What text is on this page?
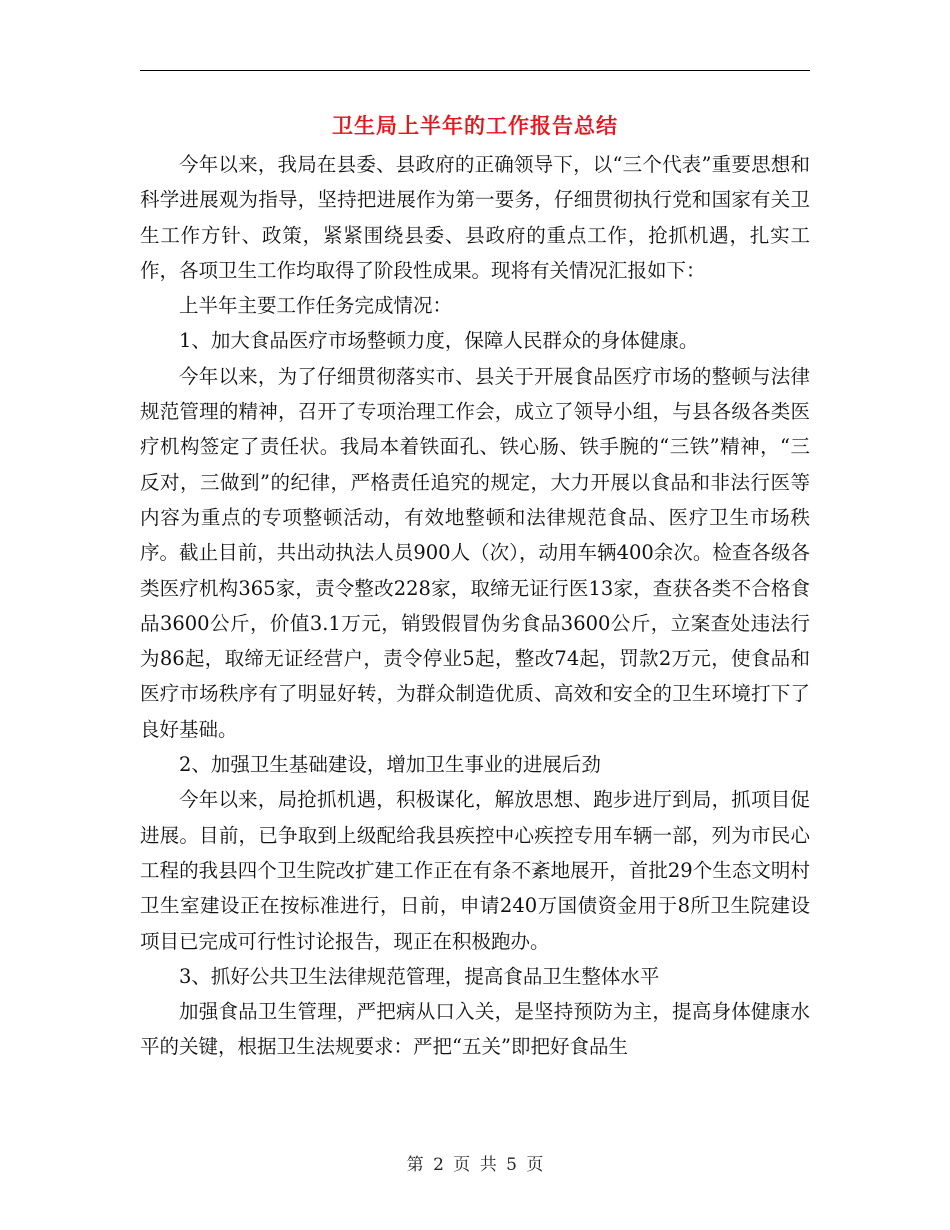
卫生局上半年的工作报告总结

今年以来，我局在县委、县政府的正确领导下，以“三个代表”重要思想和科学进展观为指导，坚持把进展作为第一要务，仔细贯彻执行党和国家有关卫生工作方针、政策，紧紧围绕县委、县政府的重点工作，抢抓机遇，扎实工作，各项卫生工作均取得了阶段性成果。现将有关情况汇报如下：

上半年主要工作任务完成情况：

1、加大食品医疗市场整顿力度，保障人民群众的身体健康。

今年以来，为了仔细贯彻落实市、县关于开展食品医疗市场的整顿与法律规范管理的精神，召开了专项治理工作会，成立了领导小组，与县各级各类医疗机构签定了责任状。我局本着铁面孔、铁心肠、铁手腕的“三铁”精神，“三反对，三做到”的纪律，严格责任追究的规定，大力开展以食品和非法行医等内容为重点的专项整顿活动，有效地整顿和法律规范食品、医疗卫生市场秩序。截止目前，共出动执法人员900人（次），动用车辆400余次。检查各级各类医疗机构365家，责令整改228家，取缔无证行医13家，查获各类不合格食品3600公斤，价值3.1万元，销毁假冒伪劣食品3600公斤，立案查处违法行为86起，取缔无证经营户，责令停业5起，整改74起，罚款2万元，使食品和医疗市场秩序有了明显好转，为群众制造优质、高效和安全的卫生环境打下了良好基础。

2、加强卫生基础建设，增加卫生事业的进展后劲

今年以来，局抢抓机遇，积极谋化，解放思想、跑步进厅到局，抓项目促进展。目前，已争取到上级配给我县疾控中心疾控专用车辆一部，列为市民心工程的我县四个卫生院改扩建工作正在有条不紊地展开，首批29个生态文明村卫生室建设正在按标准进行，日前，申请240万国债资金用于8所卫生院建设项目已完成可行性讨论报告，现正在积极跑办。

3、抓好公共卫生法律规范管理，提高食品卫生整体水平

加强食品卫生管理，严把病从口入关，是坚持预防为主，提高身体健康水平的关键，根据卫生法规要求：严把“五关”即把好食品生

第 2 页 共 5 页
